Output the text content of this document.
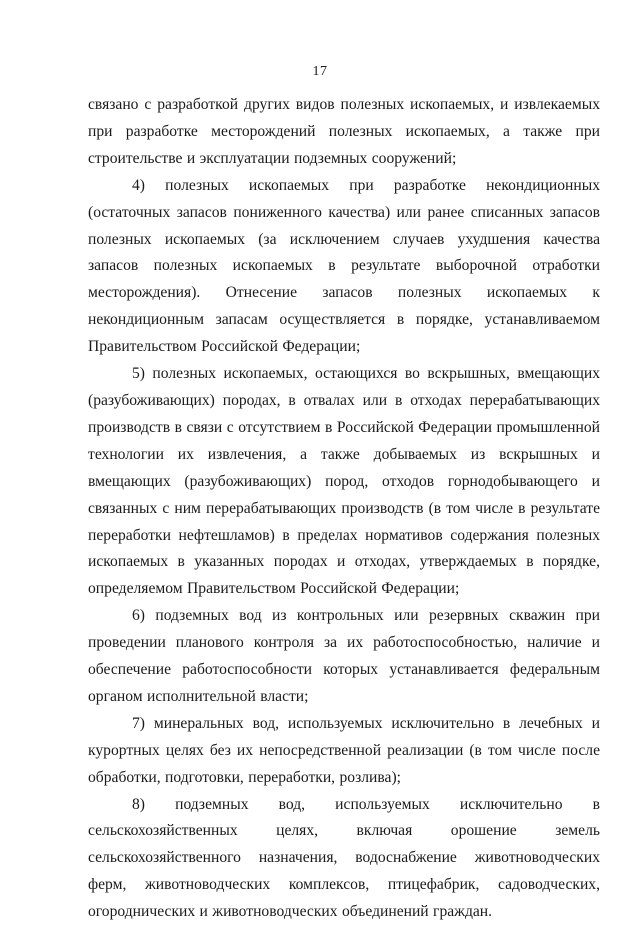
17

связано с разработкой других видов полезных ископаемых, и извлекаемых при разработке месторождений полезных ископаемых, а также при строительстве и эксплуатации подземных сооружений;

4) полезных ископаемых при разработке некондиционных (остаточных запасов пониженного качества) или ранее списанных запасов полезных ископаемых (за исключением случаев ухудшения качества запасов полезных ископаемых в результате выборочной отработки месторождения). Отнесение запасов полезных ископаемых к некондиционным запасам осуществляется в порядке, устанавливаемом Правительством Российской Федерации;

5) полезных ископаемых, остающихся во вскрышных, вмещающих (разубоживающих) породах, в отвалах или в отходах перерабатывающих производств в связи с отсутствием в Российской Федерации промышленной технологии их извлечения, а также добываемых из вскрышных и вмещающих (разубоживающих) пород, отходов горнодобывающего и связанных с ним перерабатывающих производств (в том числе в результате переработки нефтешламов) в пределах нормативов содержания полезных ископаемых в указанных породах и отходах, утверждаемых в порядке, определяемом Правительством Российской Федерации;

6) подземных вод из контрольных или резервных скважин при проведении планового контроля за их работоспособностью, наличие и обеспечение работоспособности которых устанавливается федеральным органом исполнительной власти;

7) минеральных вод, используемых исключительно в лечебных и курортных целях без их непосредственной реализации (в том числе после обработки, подготовки, переработки, розлива);

8) подземных вод, используемых исключительно в сельскохозяйственных целях, включая орошение земель сельскохозяйственного назначения, водоснабжение животноводческих ферм, животноводческих комплексов, птицефабрик, садоводческих, огороднических и животноводческих объединений граждан.
